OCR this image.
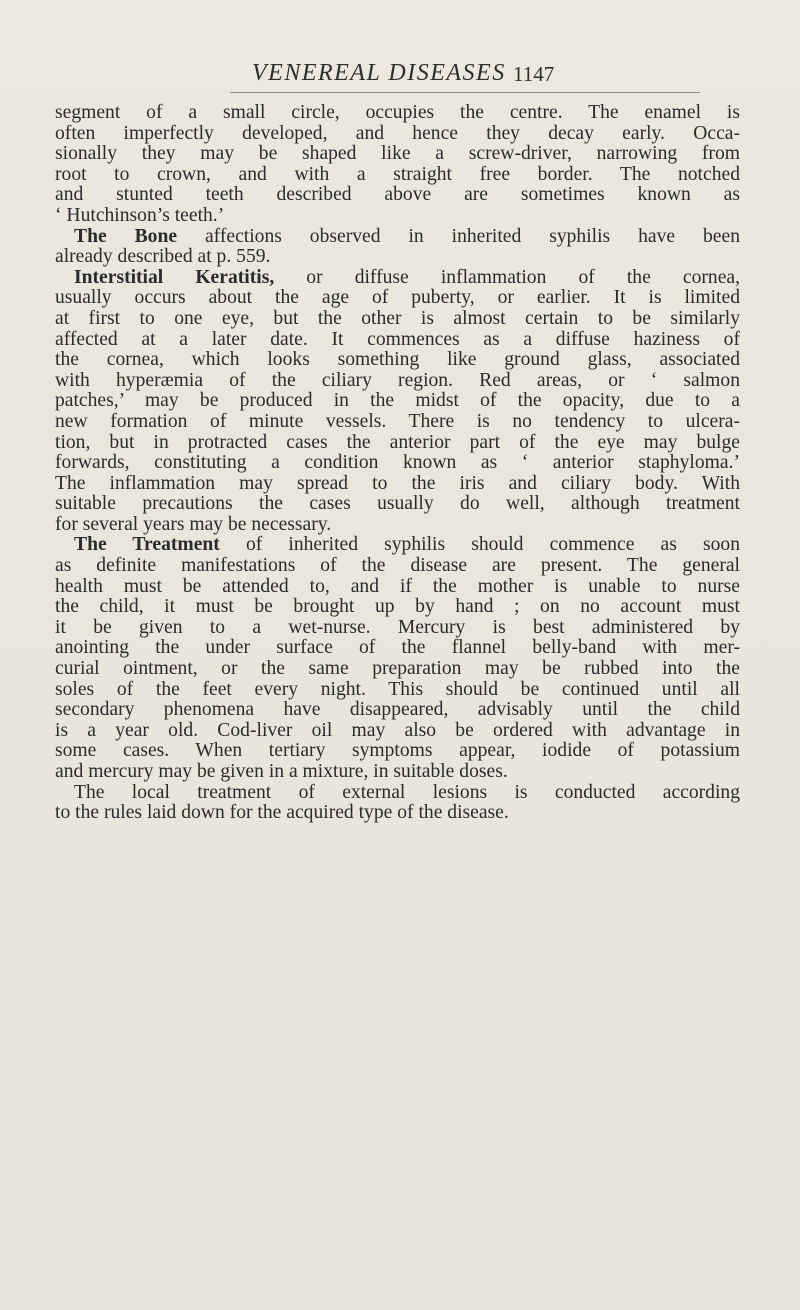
VENEREAL DISEASES 1147
segment of a small circle, occupies the centre. The enamel is
often imperfectly developed, and hence they decay early. Occa-
sionally they may be shaped like a screw-driver, narrowing from
root to crown, and with a straight free border. The notched
and stunted teeth described above are sometimes known as
‘ Hutchinson’s teeth.’
The Bone affections observed in inherited syphilis have been
already described at p. 559.
Interstitial Keratitis, or diffuse inflammation of the cornea,
usually occurs about the age of puberty, or earlier. It is limited
at first to one eye, but the other is almost certain to be similarly
affected at a later date. It commences as a diffuse haziness of
the cornea, which looks something like ground glass, associated
with hyperæmia of the ciliary region. Red areas, or ‘ salmon
patches,’ may be produced in the midst of the opacity, due to a
new formation of minute vessels. There is no tendency to ulcera-
tion, but in protracted cases the anterior part of the eye may bulge
forwards, constituting a condition known as ‘ anterior staphyloma.’
The inflammation may spread to the iris and ciliary body. With
suitable precautions the cases usually do well, although treatment
for several years may be necessary.
The Treatment of inherited syphilis should commence as soon
as definite manifestations of the disease are present. The general
health must be attended to, and if the mother is unable to nurse
the child, it must be brought up by hand ; on no account must
it be given to a wet-nurse. Mercury is best administered by
anointing the under surface of the flannel belly-band with mer-
curial ointment, or the same preparation may be rubbed into the
soles of the feet every night. This should be continued until all
secondary phenomena have disappeared, advisably until the child
is a year old. Cod-liver oil may also be ordered with advantage in
some cases. When tertiary symptoms appear, iodide of potassium
and mercury may be given in a mixture, in suitable doses.
The local treatment of external lesions is conducted according
to the rules laid down for the acquired type of the disease.
